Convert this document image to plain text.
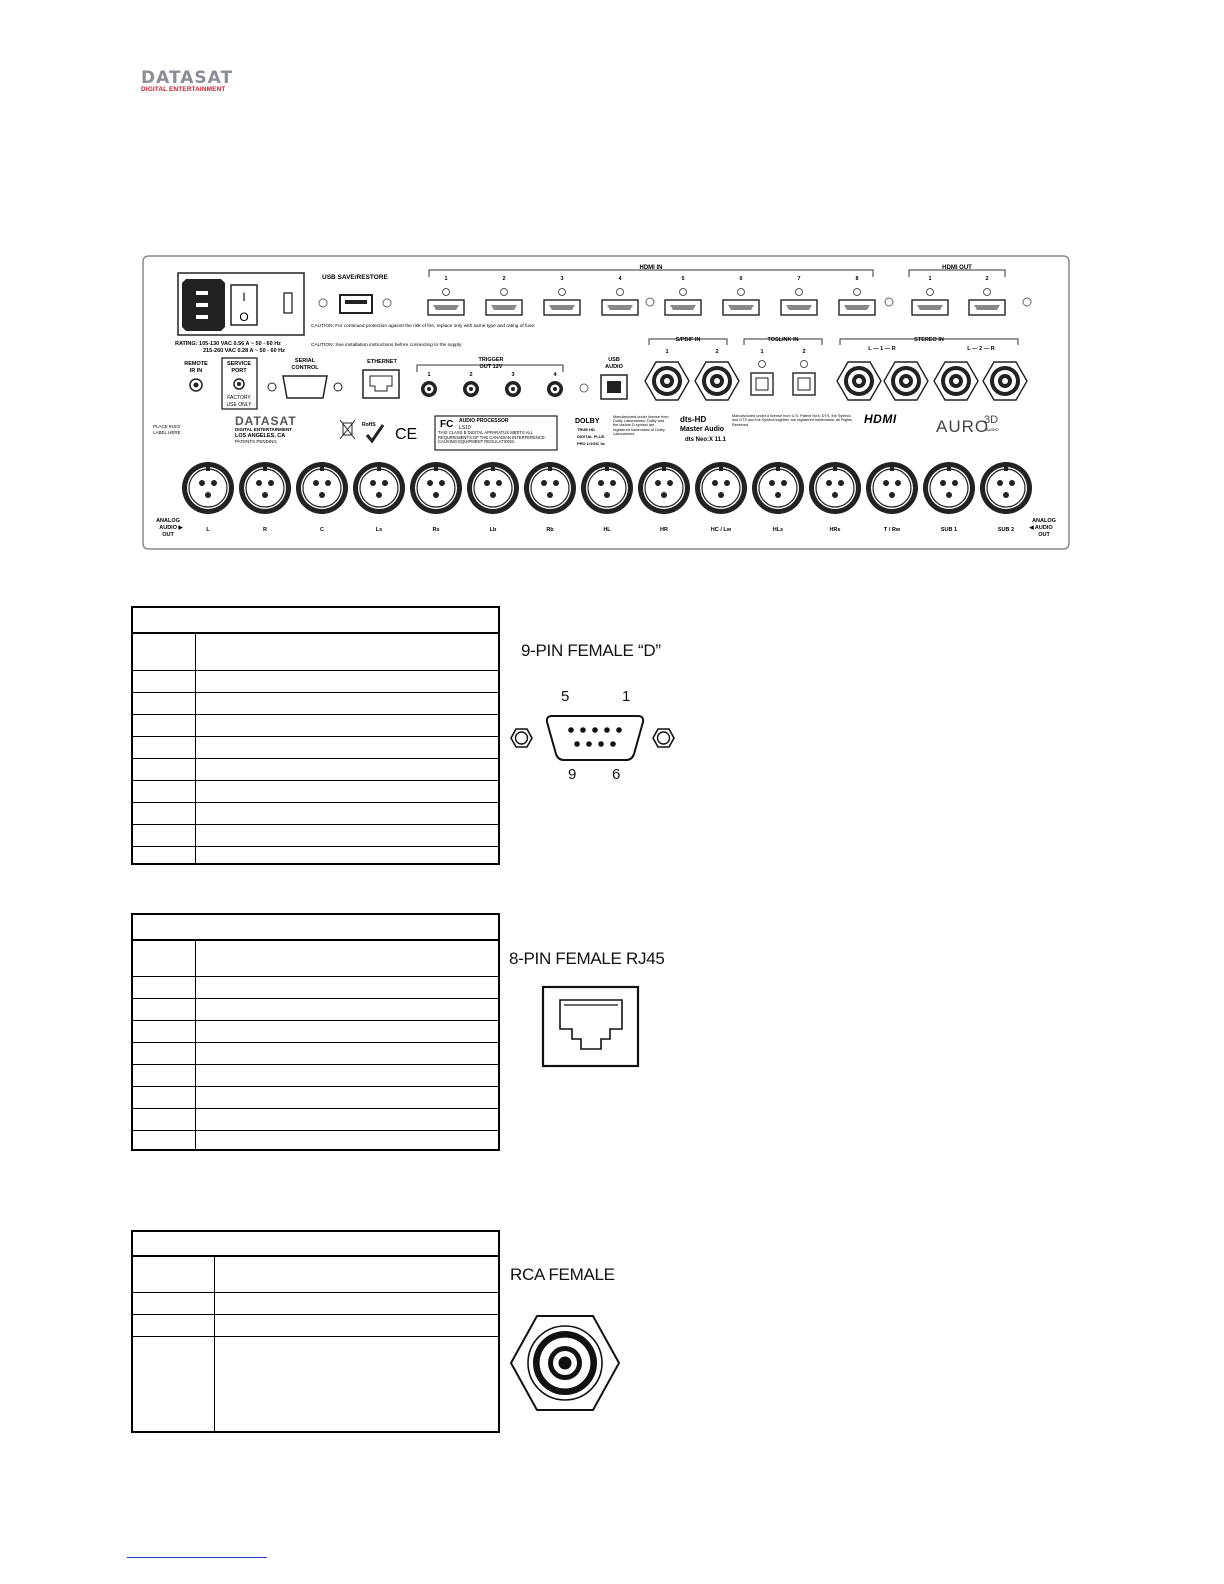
DATASAT
DIGITAL ENTERTAINMENT
I
O
RATING: 105-130 VAC 0.56 A ~ 50 - 60 Hz
215-260 VAC 0.28 A ~ 50 - 60 Hz
USB SAVE/RESTORE
CAUTION: For continued protection against the risk of fire, replace only with same type and rating of fuse:
CAUTION: See installation instructions before connecting to the supply
HDMI IN	HDMI OUT
1	2	3	4	5	6	7	8	1	2
REMOTE
IR IN
SERVICE
PORT
FACTORY
USE ONLY
SERIAL
CONTROL
ETHERNET	TRIGGER
OUT 12V
1	2	3	4
USB
AUDIO
S/PDIF IN
1	2
TOSLINK IN
1	2
STEREO IN
L — 1 — R	L — 2 — R
PLACE INSO
LABEL HERE
DATASAT
DIGITAL ENTERTAINMENT
LOS ANGELES, CA
PATENTS PENDING
RoHS
CE
FC AUDIO PROCESSOR
LS10
THIS CLASS B DIGITAL APPARATUS MEETS ALL REQUIREMENTS OF THE CANADIAN INTERFERENCE-CAUSING EQUIPMENT REGULATIONS.
DOLBY
TRUE HD
DIGITAL PLUS
PRO LOGIC IIz
Manufactured under license from Dolby Laboratories. Dolby and the double-D symbol are registered trademarks of Dolby Laboratories.
dts-HD
Master Audio
dts Neo:X 11.1
Manufactured under a license from U.S. Patent No's: DTS, the Symbol, and DTS and the Symbol together are registered trademarks. All Rights Reserved.	HDMI AURO
3D
AUDIO
ANALOG
AUDIO ▶
OUT
ANALOG
◀ AUDIO
OUT
L	R	C	Ls	Rs	Lb	Rb	HL	HR	HC / Lw	HLs	HRs	T / Rw	SUB 1	SUB 2
9-PIN FEMALE “D”
5	1
9 6
8-PIN FEMALE RJ45
RCA FEMALE
